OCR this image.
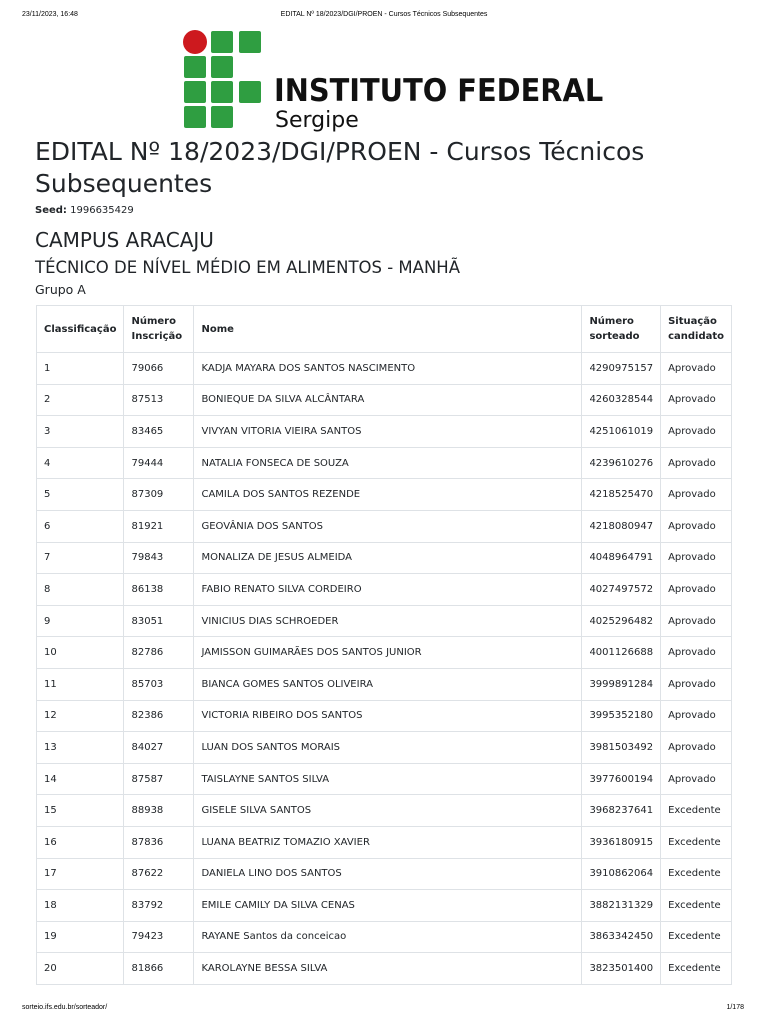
23/11/2023, 16:48	EDITAL Nº 18/2023/DGI/PROEN - Cursos Técnicos Subsequentes
INSTITUTO FEDERAL
Sergipe
EDITAL Nº 18/2023/DGI/PROEN - Cursos Técnicos Subsequentes
Seed: 1996635429
CAMPUS ARACAJU
TÉCNICO DE NÍVEL MÉDIO EM ALIMENTOS - MANHÃ
Grupo A
Classificação	Número Inscrição	Nome	Número sorteado	Situação candidato
1	79066	KADJA MAYARA DOS SANTOS NASCIMENTO	4290975157	Aprovado
2	87513	BONIEQUE DA SILVA ALCÂNTARA	4260328544	Aprovado
3	83465	VIVYAN VITORIA VIEIRA SANTOS	4251061019	Aprovado
4	79444	NATALIA FONSECA DE SOUZA	4239610276	Aprovado
5	87309	CAMILA DOS SANTOS REZENDE	4218525470	Aprovado
6	81921	GEOVÂNIA DOS SANTOS	4218080947	Aprovado
7	79843	MONALIZA DE JESUS ALMEIDA	4048964791	Aprovado
8	86138	FABIO RENATO SILVA CORDEIRO	4027497572	Aprovado
9	83051	VINICIUS DIAS SCHROEDER	4025296482	Aprovado
10	82786	JAMISSON GUIMARÃES DOS SANTOS JUNIOR	4001126688	Aprovado
11	85703	BIANCA GOMES SANTOS OLIVEIRA	3999891284	Aprovado
12	82386	VICTORIA RIBEIRO DOS SANTOS	3995352180	Aprovado
13	84027	LUAN DOS SANTOS MORAIS	3981503492	Aprovado
14	87587	TAISLAYNE SANTOS SILVA	3977600194	Aprovado
15	88938	GISELE SILVA SANTOS	3968237641	Excedente
16	87836	LUANA BEATRIZ TOMAZIO XAVIER	3936180915	Excedente
17	87622	DANIELA LINO DOS SANTOS	3910862064	Excedente
18	83792	EMILE CAMILY DA SILVA CENAS	3882131329	Excedente
19	79423	RAYANE Santos da conceicao	3863342450	Excedente
20	81866	KAROLAYNE BESSA SILVA	3823501400	Excedente
sorteio.ifs.edu.br/sorteador/	1/178
